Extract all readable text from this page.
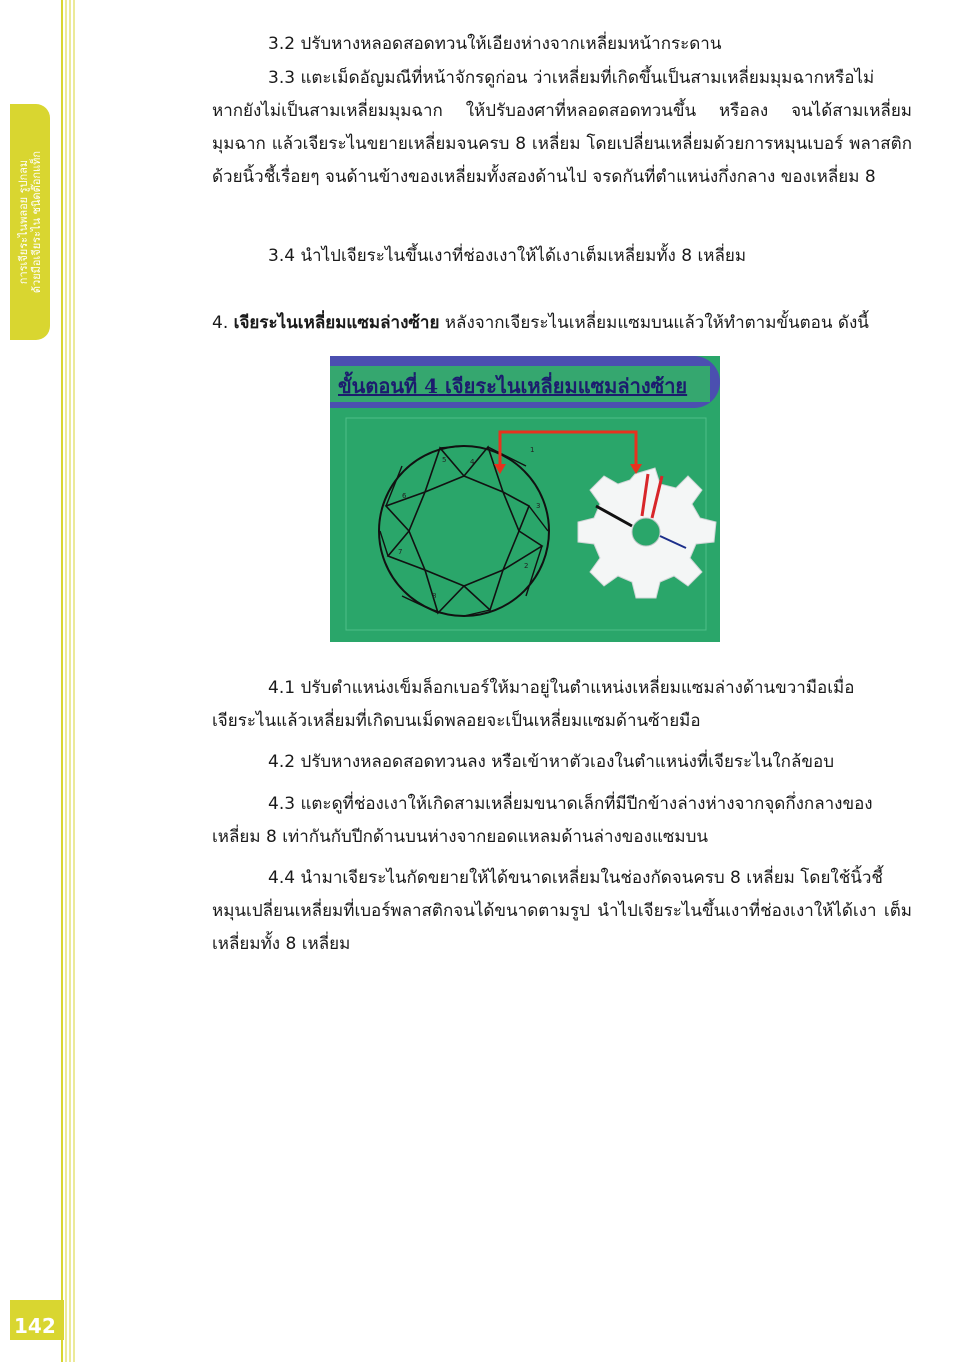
การเจียระไนพลอย รูปกลม ด้วยมือเจียระไน ชนิดต๊อกแท็ก
142

3.2 ปรับหางหลอดสอดทวนให้เอียงห่างจากเหลี่ยมหน้ากระดาน

3.3 แตะเม็ดอัญมณีที่หน้าจักรดูก่อน ว่าเหลี่ยมที่เกิดขึ้นเป็นสามเหลี่ยมมุมฉากหรือไม่
หากยังไม่เป็นสามเหลี่ยมมุมฉาก ให้ปรับองศาที่หลอดสอดทวนขึ้น หรือลง จนได้สามเหลี่ยม มุมฉาก แล้วเจียระไนขยายเหลี่ยมจนครบ 8 เหลี่ยม โดยเปลี่ยนเหลี่ยมด้วยการหมุนเบอร์ พลาสติกด้วยนิ้วชี้เรื่อยๆ จนด้านข้างของเหลี่ยมทั้งสองด้านไป จรดกันที่ตำแหน่งกึ่งกลาง ของเหลี่ยม 8

3.4 นำไปเจียระไนขึ้นเงาที่ช่องเงาให้ได้เงาเต็มเหลี่ยมทั้ง 8 เหลี่ยม

4. เจียระไนเหลี่ยมแซมล่างซ้าย หลังจากเจียระไนเหลี่ยมแซมบนแล้วให้ทำตามขั้นตอน ดังนี้
ขั้นตอนที่ 4 เจียระไนเหลี่ยมแซมล่างซ้าย
1
2
3
4
5
6
7
8

4.1 ปรับตำแหน่งเข็มล็อกเบอร์ให้มาอยู่ในตำแหน่งเหลี่ยมแซมล่างด้านขวามือเมื่อ
เจียระไนแล้วเหลี่ยมที่เกิดบนเม็ดพลอยจะเป็นเหลี่ยมแซมด้านซ้ายมือ

4.2 ปรับหางหลอดสอดทวนลง หรือเข้าหาตัวเองในตำแหน่งที่เจียระไนใกล้ขอบ

4.3 แตะดูที่ช่องเงาให้เกิดสามเหลี่ยมขนาดเล็กที่มีปีกข้างล่างห่างจากจุดกึ่งกลางของ
เหลี่ยม 8 เท่ากันกับปีกด้านบนห่างจากยอดแหลมด้านล่างของแซมบน

4.4 นำมาเจียระไนกัดขยายให้ได้ขนาดเหลี่ยมในช่องกัดจนครบ 8 เหลี่ยม โดยใช้นิ้วชี้
หมุนเปลี่ยนเหลี่ยมที่เบอร์พลาสติกจนได้ขนาดตามรูป นำไปเจียระไนขึ้นเงาที่ช่องเงาให้ได้เงา เต็มเหลี่ยมทั้ง 8 เหลี่ยม
